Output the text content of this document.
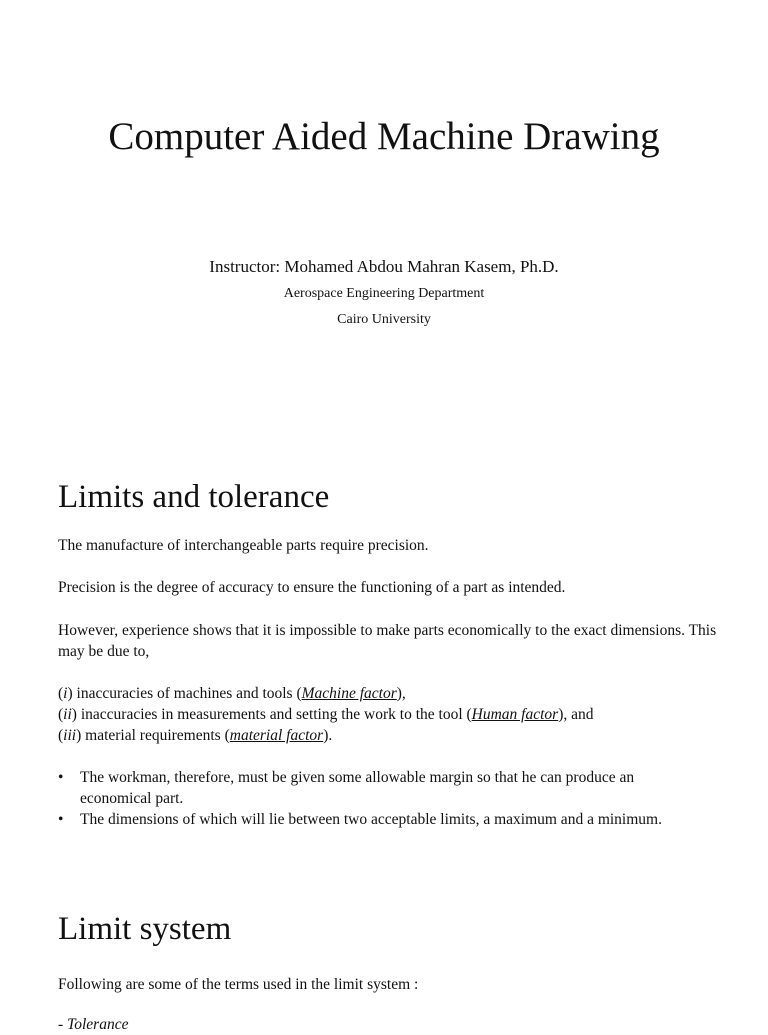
Computer Aided Machine Drawing
Instructor: Mohamed Abdou Mahran Kasem, Ph.D.
Aerospace Engineering Department
Cairo University
Limits and tolerance

The manufacture of interchangeable parts require precision.

Precision is the degree of accuracy to ensure the functioning of a part as intended.

However, experience shows that it is impossible to make parts economically to the exact dimensions. This may be due to,

(i) inaccuracies of machines and tools (Machine factor),
(ii) inaccuracies in measurements and setting the work to the tool (Human factor), and
(iii) material requirements (material factor).
• The workman, therefore, must be given some allowable margin so that he can produce an economical part.
• The dimensions of which will lie between two acceptable limits, a maximum and a minimum.
Limit system

Following are some of the terms used in the limit system :

- Tolerance
